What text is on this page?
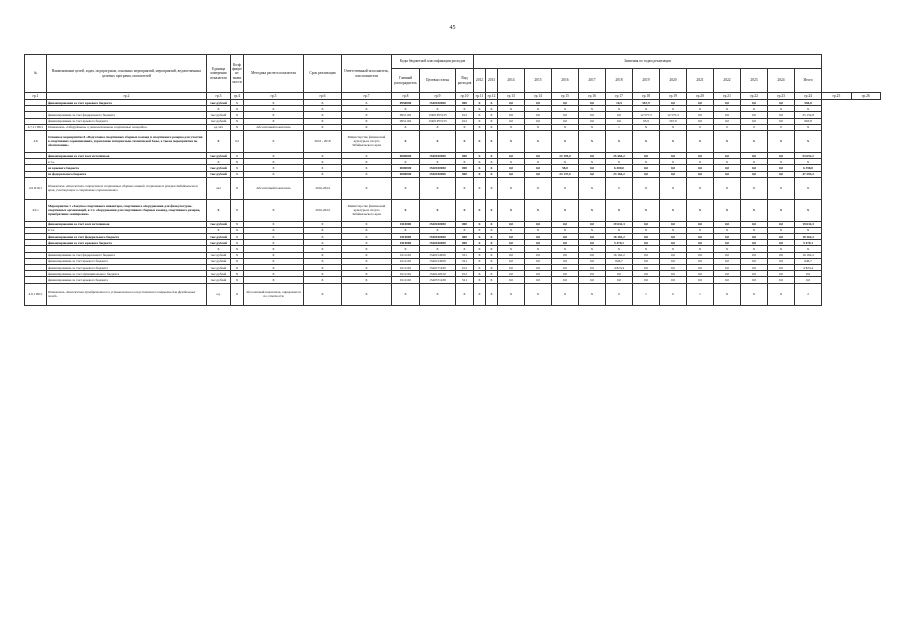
45
№	Наименование целей, задач, подпрограмм, основных мероприятий, мероприятий, ведомственных целевых программ, показателей	Единица измерения показателя	Коэффициент значимости	Методика расчета показателя	Срок реализации	Ответственный исполнитель, соисполнители	Коды бюджетной классификации расходов			Значения по годам реализации															
							Главный распорядитель	Целевая статья	Вид расходов	2012	2013	2014	2015	2016	2017	2018	2019	2020	2021	2022	2023	2024	Итого		
гр.1	гр.2	гр.3	гр.4	гр.5	гр.6	гр.7	гр.8	гр.9	гр.10	гр.11	гр.12	гр.13	гр.14	гр.15	гр.16	гр.17	гр.18	гр.19	гр.20	гр.21	гр.22	гр.23	гр.24	гр.25	гр.26
	финансирование за счет краевого бюджета	тыс.рублей	X	X	X	X	0950000	1540100000	000	X	X	0,0	0,0	0,0	0,0	16,9	567,9	0,0	0,0	0,0	0,0	0,0	584,8		
		X	X	X	X	X	X	X	X	X	X	X	X	X	X	X	X	X	X	X	X	X	X		
	финансирование за счет федерального бюджета	тыс.рублей	X	X	X	X	0951102	15401Р55155	612	X	X	0,0	0,0	0,0	0,0	0,0	12 577,5	12 575,3	0,0	0,0	0,0	0,0	25 152,8		
	финансирование за счет краевого бюджета	тыс.рублей	X	X	X	X	0951102	15401Р55155	612	X	X	0,0	0,0	0,0	0,0	0,0	95,9	567,9	0,0	0,0	0,0	0,0	663,8		
4.7.11 П6/1	Показатель «Оборудованы и укомплектованы спортивные площадки»	ед./шт	X	Абсолютный показатель	X	X	X	X	X	X	X	X	X	X	X	1	X	X	0	0	0	0	X		
4.8	Основное мероприятие 8 «Подготовка спортивных сборных команд и спортивного резерва для участия в спортивных соревнованиях, укрепление материально-технической базы, а также мероприятия по обеспечению»	X	0,2	X	2016 - 2018	Министерство физической культуры и спорта Забайкальского края	X	X	X	X	X	X	X	X	X	X	X	X	X	X	X	X	X		
	финансирование за счет всех источников	тыс.рублей	X	X	X	X	0000000	1540100000	000	X	X	0,0	0,0	24 195,0	0,0	25 464,2	0,0	0,0	0,0	0,0	0,0	0,0	53 652,2		
	в т.ч.	X	X	X	X	X	X	X	X	X	X	X	X	X	X	X	X	X	X	X	X	X	X		
	из краевого бюджета	тыс.рублей	X	X	X	X	0000000	1540100000	000	X	X	0,0	0,0	58,0	0,0	6 300,0	0,0	0,0	0,0	0,0	0,0	0,0	6 358,0		
	из федерального бюджета	тыс.рублей	X	X	X	X	0000000	1540100000	000	X	X	0,0	0,0	24 137,0	0,0	23 164,2	0,0	0,0	0,0	0,0	0,0	0,0	47 293,2		
4.9 П10/1	Показатель «Количество спортсменов спортивных сборных команд, спортивного резерва Забайкальского края, участвующих в спортивных соревнованиях»	чел	X	Абсолютный показатель	2016-2024	X	X	X	X	X	X	X	X	X	X	0	X	X	X	X	X	X	X		
4.9.1	Мероприятие 1 «Закупка спортивного инвентаря, спортивного оборудования для физкультурно-спортивных организаций, в т.ч. оборудования для спортивных сборных команд, спортивного резерва, приобретение экипировки»	X	X	X	2016-2024	Министерство физической культуры и спорта Забайкальского края	X	X	X	X	X	X	X	X	X	X	X	X	X	X	X	X	X		
	финансирование за счет всех источников	тыс.рублей	X	X	X	X	0110000	1540100000	000	X	X	0,0	0,0	0,0	0,0	19 632,3	0,0	0,0	0,0	0,0	0,0	0,0	19 632,3		
	в т.ч.	X	X	X	X	X	X	X	X	X	X	X	X	X	X	X	X	X	X	X	X	X	X		
	финансирование за счет федерального бюджета	тыс.рублей	X	X	X	X	0110000	1540100000	000	X	X	0,0	0,0	0,0	0,0	18 162,2	0,0	0,0	0,0	0,0	0,0	0,0	18 162,2		
	финансирование за счет краевого бюджета	тыс.рублей	X	X	X	X	0110000	1540100000	000	X	X	0,0	0,0	0,0	0,0	5 470,1	0,0	0,0	0,0	0,0	0,0	0,0	5 470,1		
		X	X	X	X	X	X	X	X	X	X	X	X	X	X	X	X	X	X	X	X	X	X		
	финансирование за счет федерального бюджета	тыс.рублей	X	X	X	X	0111102	1540154950	521	X	X	0,0	0,0	0,0	0,0	16 162,2	0,0	0,0	0,0	0,0	0,0	0,0	16 162,2		
	финансирование за счет краевого бюджета	тыс.рублей	X	X	X	X	0111102	1540154950	521	X	X	0,0	0,0	0,0	0,0	646,7	0,0	0,0	0,0	0,0	0,0	0,0	646,7		
	финансирование за счет краевого бюджета	тыс.рублей	X	X	X	X	0111102	1540171430	612	X	X	0,0	0,0	0,0	0,0	4 823,4	0,0	0,0	0,0	0,0	0,0	0,0	4 823,4		
	финансирование за счет муниципального бюджета	тыс.рублей	X	X	X	X	0111102	1540120010	612	X	X	0,0	0,0	0,0	0,0	0,0	0,0	0,0	0,0	0,0	0,0	0,0	0,0		
	финансирование за счет краевого бюджета	тыс.рублей	X	X	X	X	0111102	1540571430	521	X	X	0,0	0,0	0,0	0,0	0,0	0,0	0,0	0,0	0,0	0,0	0,0	0,0		
4.9.1 П6/1	Показатель «Количество приобретенного и установленного искусственного покрытия для футбольных полей»	ед.	X	Абсолютный показатель, определяется по отчетности	X	X	X	X	X	X	X	X	X	X	X	0	1	0	1	X	X	X	2		
